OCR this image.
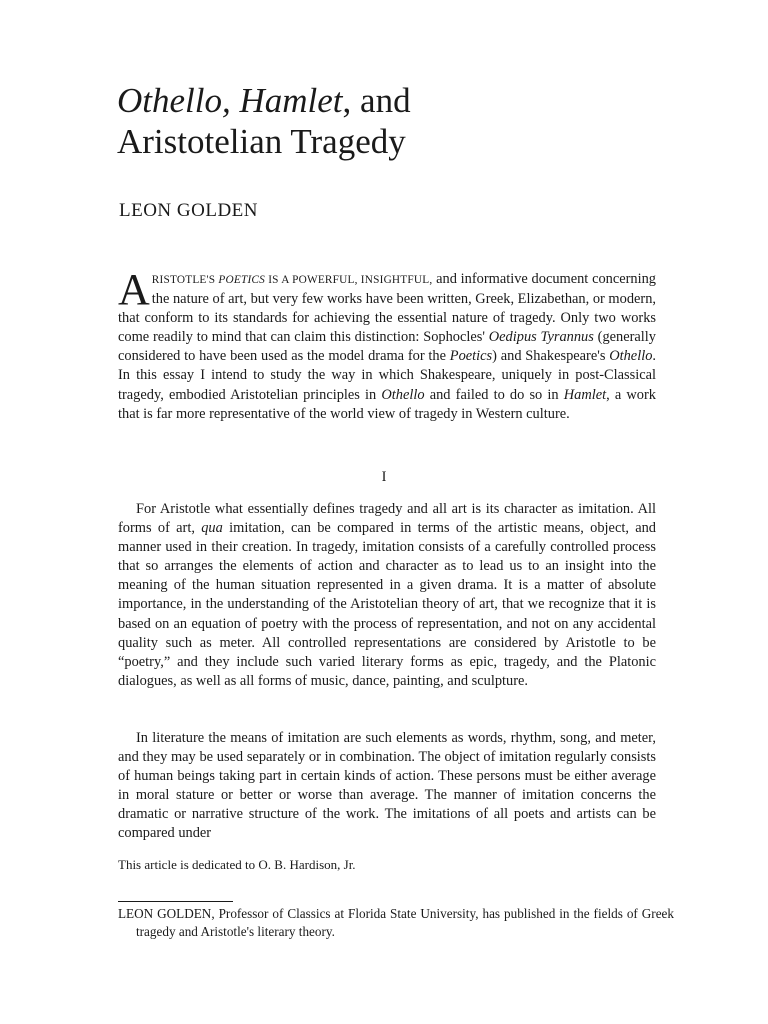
Othello, Hamlet, and
Aristotelian Tragedy

LEON GOLDEN

ARISTOTLE'S POETICS IS A POWERFUL, INSIGHTFUL, and informative document concerning the nature of art, but very few works have been written, Greek, Elizabethan, or modern, that conform to its standards for achieving the essential nature of tragedy. Only two works come readily to mind that can claim this distinction: Sophocles' Oedipus Tyrannus (generally considered to have been used as the model drama for the Poetics) and Shakespeare's Othello. In this essay I intend to study the way in which Shakespeare, uniquely in post-Classical tragedy, embodied Aristotelian principles in Othello and failed to do so in Hamlet, a work that is far more representative of the world view of tragedy in Western culture.
I
For Aristotle what essentially defines tragedy and all art is its character as imitation. All forms of art, qua imitation, can be compared in terms of the artistic means, object, and manner used in their creation. In tragedy, imitation consists of a carefully controlled process that so arranges the elements of action and character as to lead us to an insight into the meaning of the human situation represented in a given drama. It is a matter of absolute importance, in the understanding of the Aristotelian theory of art, that we recognize that it is based on an equation of poetry with the process of representation, and not on any accidental quality such as meter. All controlled representations are considered by Aristotle to be “poetry,” and they include such varied literary forms as epic, tragedy, and the Platonic dialogues, as well as all forms of music, dance, painting, and sculpture.
In literature the means of imitation are such elements as words, rhythm, song, and meter, and they may be used separately or in combination. The object of imitation regularly consists of human beings taking part in certain kinds of action. These persons must be either average in moral stature or better or worse than average. The manner of imitation concerns the dramatic or narrative structure of the work. The imitations of all poets and artists can be compared under
This article is dedicated to O. B. Hardison, Jr.
LEON GOLDEN, Professor of Classics at Florida State University, has published in the fields of Greek tragedy and Aristotle's literary theory.
